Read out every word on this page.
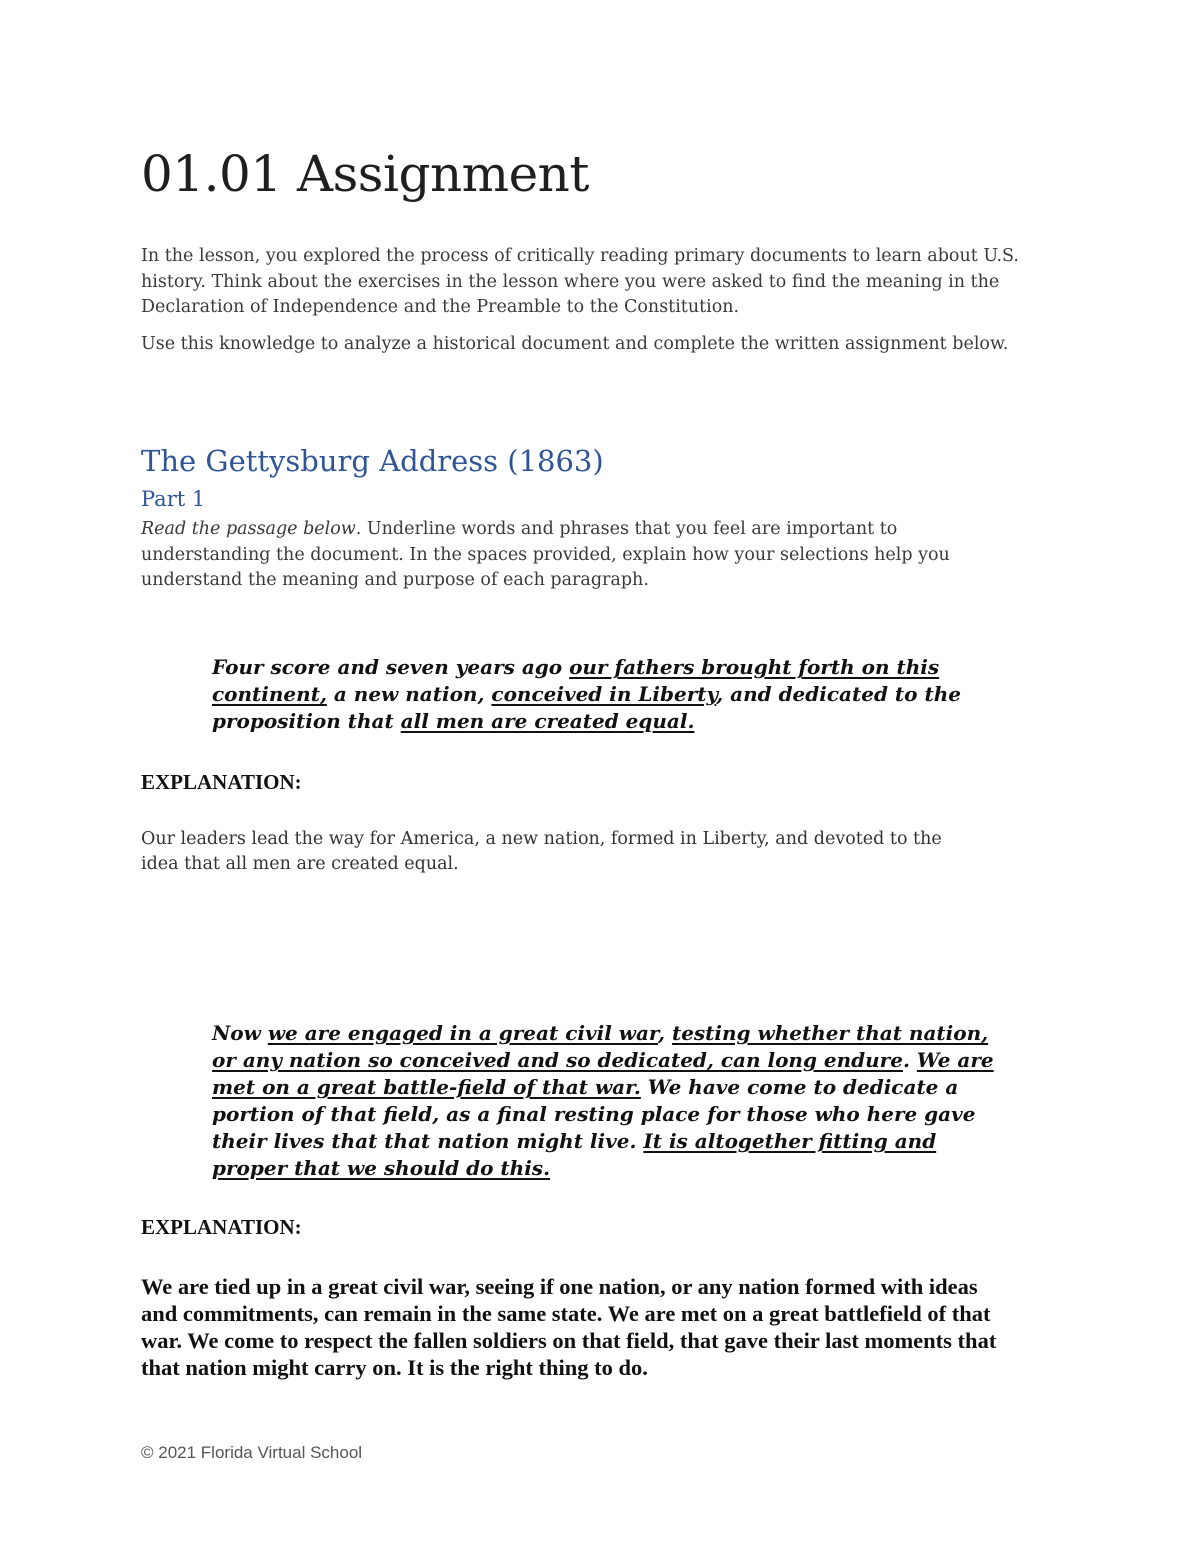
01.01 Assignment

In the lesson, you explored the process of critically reading primary documents to learn about U.S. history. Think about the exercises in the lesson where you were asked to find the meaning in the Declaration of Independence and the Preamble to the Constitution.

Use this knowledge to analyze a historical document and complete the written assignment below.

The Gettysburg Address (1863)
Part 1

Read the passage below. Underline words and phrases that you feel are important to understanding the document. In the spaces provided, explain how your selections help you understand the meaning and purpose of each paragraph.

Four score and seven years ago our fathers brought forth on this continent, a new nation, conceived in Liberty, and dedicated to the proposition that all men are created equal.

EXPLANATION:

Our leaders lead the way for America, a new nation, formed in Liberty, and devoted to the idea that all men are created equal.

Now we are engaged in a great civil war, testing whether that nation, or any nation so conceived and so dedicated, can long endure. We are met on a great battle-field of that war. We have come to dedicate a portion of that field, as a final resting place for those who here gave their lives that that nation might live. It is altogether fitting and proper that we should do this.

EXPLANATION:

We are tied up in a great civil war, seeing if one nation, or any nation formed with ideas and commitments, can remain in the same state. We are met on a great battlefield of that war. We come to respect the fallen soldiers on that field, that gave their last moments that that nation might carry on. It is the right thing to do.

© 2021 Florida Virtual School
